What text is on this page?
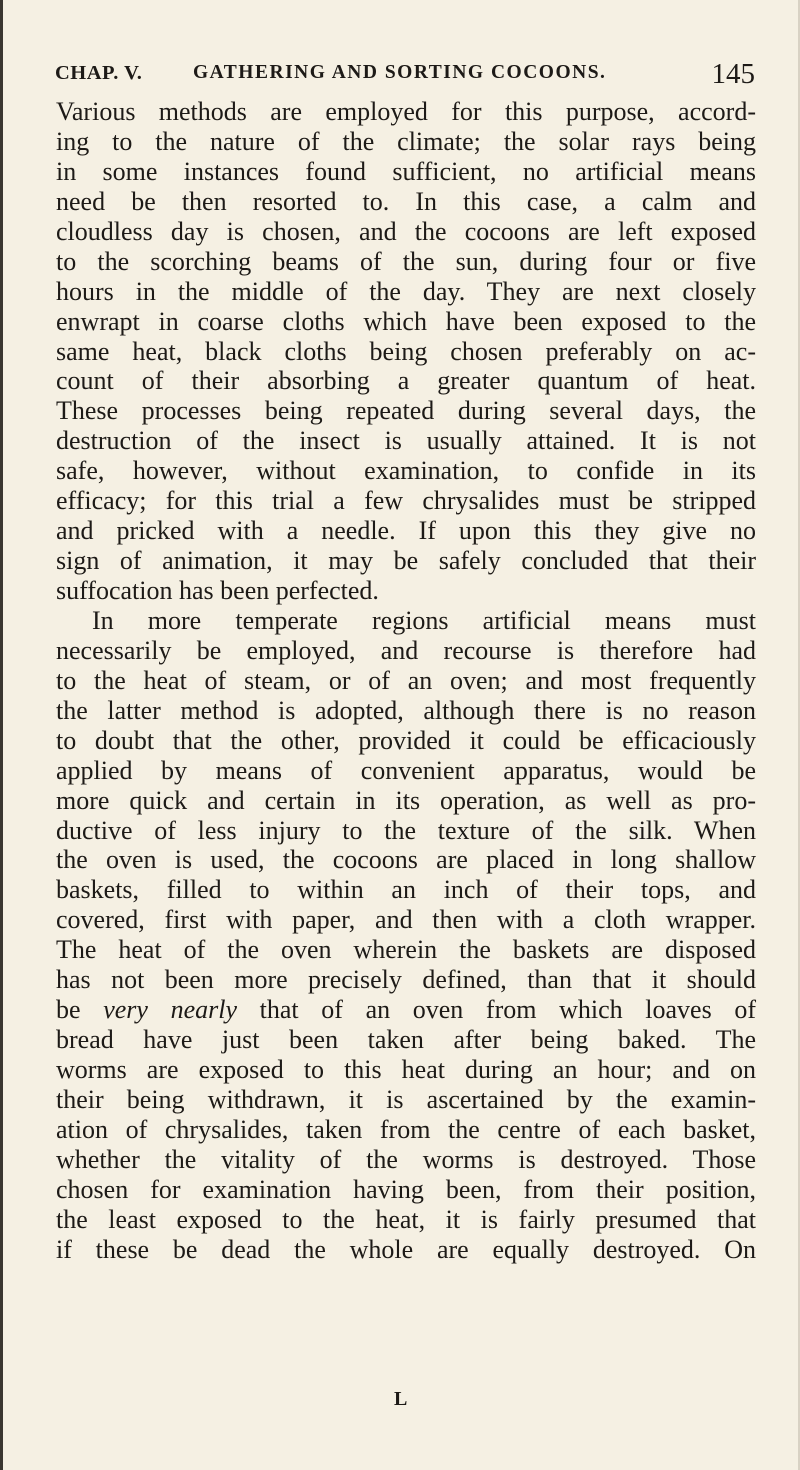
CHAP. V.	GATHERING AND SORTING COCOONS.	145
Various methods are employed for this purpose, accord-
ing to the nature of the climate; the solar rays being
in some instances found sufficient, no artificial means
need be then resorted to. In this case, a calm and
cloudless day is chosen, and the cocoons are left exposed
to the scorching beams of the sun, during four or five
hours in the middle of the day. They are next closely
enwrapt in coarse cloths which have been exposed to the
same heat, black cloths being chosen preferably on ac-
count of their absorbing a greater quantum of heat.
These processes being repeated during several days, the
destruction of the insect is usually attained. It is not
safe, however, without examination, to confide in its
efficacy; for this trial a few chrysalides must be stripped
and pricked with a needle. If upon this they give no
sign of animation, it may be safely concluded that their
suffocation has been perfected.
In more temperate regions artificial means must
necessarily be employed, and recourse is therefore had
to the heat of steam, or of an oven; and most frequently
the latter method is adopted, although there is no reason
to doubt that the other, provided it could be efficaciously
applied by means of convenient apparatus, would be
more quick and certain in its operation, as well as pro-
ductive of less injury to the texture of the silk. When
the oven is used, the cocoons are placed in long shallow
baskets, filled to within an inch of their tops, and
covered, first with paper, and then with a cloth wrapper.
The heat of the oven wherein the baskets are disposed
has not been more precisely defined, than that it should
be very nearly that of an oven from which loaves of
bread have just been taken after being baked. The
worms are exposed to this heat during an hour; and on
their being withdrawn, it is ascertained by the examin-
ation of chrysalides, taken from the centre of each basket,
whether the vitality of the worms is destroyed. Those
chosen for examination having been, from their position,
the least exposed to the heat, it is fairly presumed that
if these be dead the whole are equally destroyed. On
L
